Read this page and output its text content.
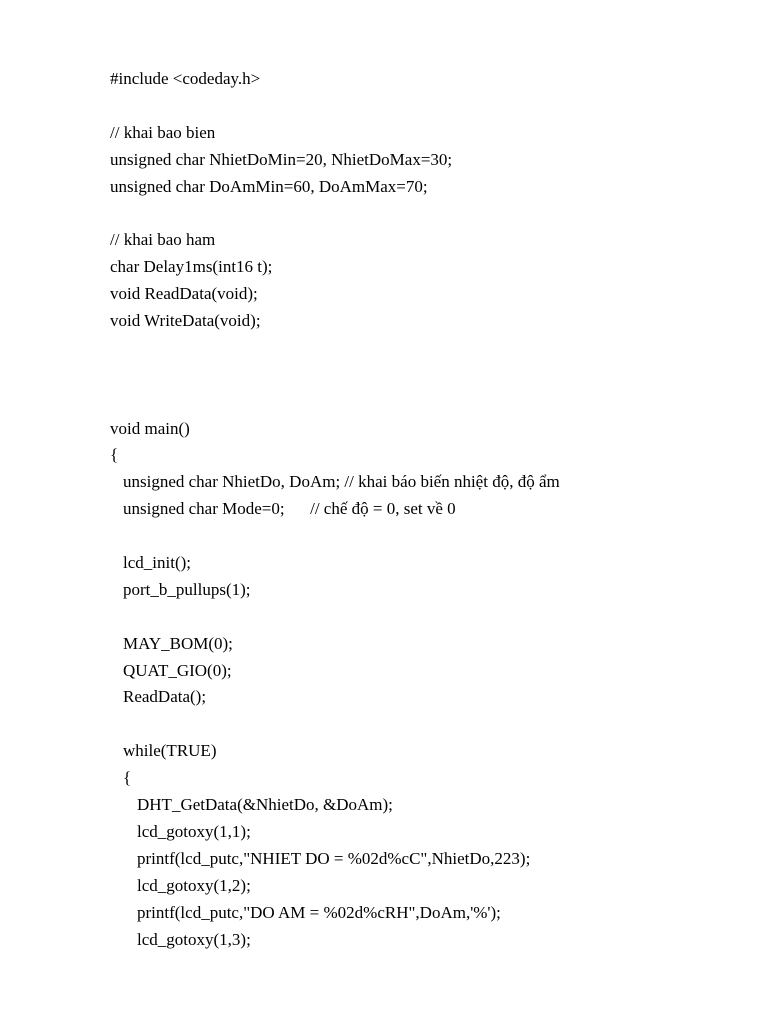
#include <codeday.h>
// khai bao bien
unsigned char NhietDoMin=20, NhietDoMax=30;
unsigned char DoAmMin=60, DoAmMax=70;
// khai bao ham
char Delay1ms(int16 t);
void ReadData(void);
void WriteData(void);
void main()
{
unsigned char NhietDo, DoAm; // khai báo biến nhiệt độ, độ ẩm
unsigned char Mode=0;      // chế độ = 0, set về 0
lcd_init();
port_b_pullups(1);
MAY_BOM(0);
QUAT_GIO(0);
ReadData();
while(TRUE)
{
DHT_GetData(&NhietDo, &DoAm);
lcd_gotoxy(1,1);
printf(lcd_putc,"NHIET DO = %02d%cC",NhietDo,223);
lcd_gotoxy(1,2);
printf(lcd_putc,"DO AM = %02d%cRH",DoAm,'%');
lcd_gotoxy(1,3);
